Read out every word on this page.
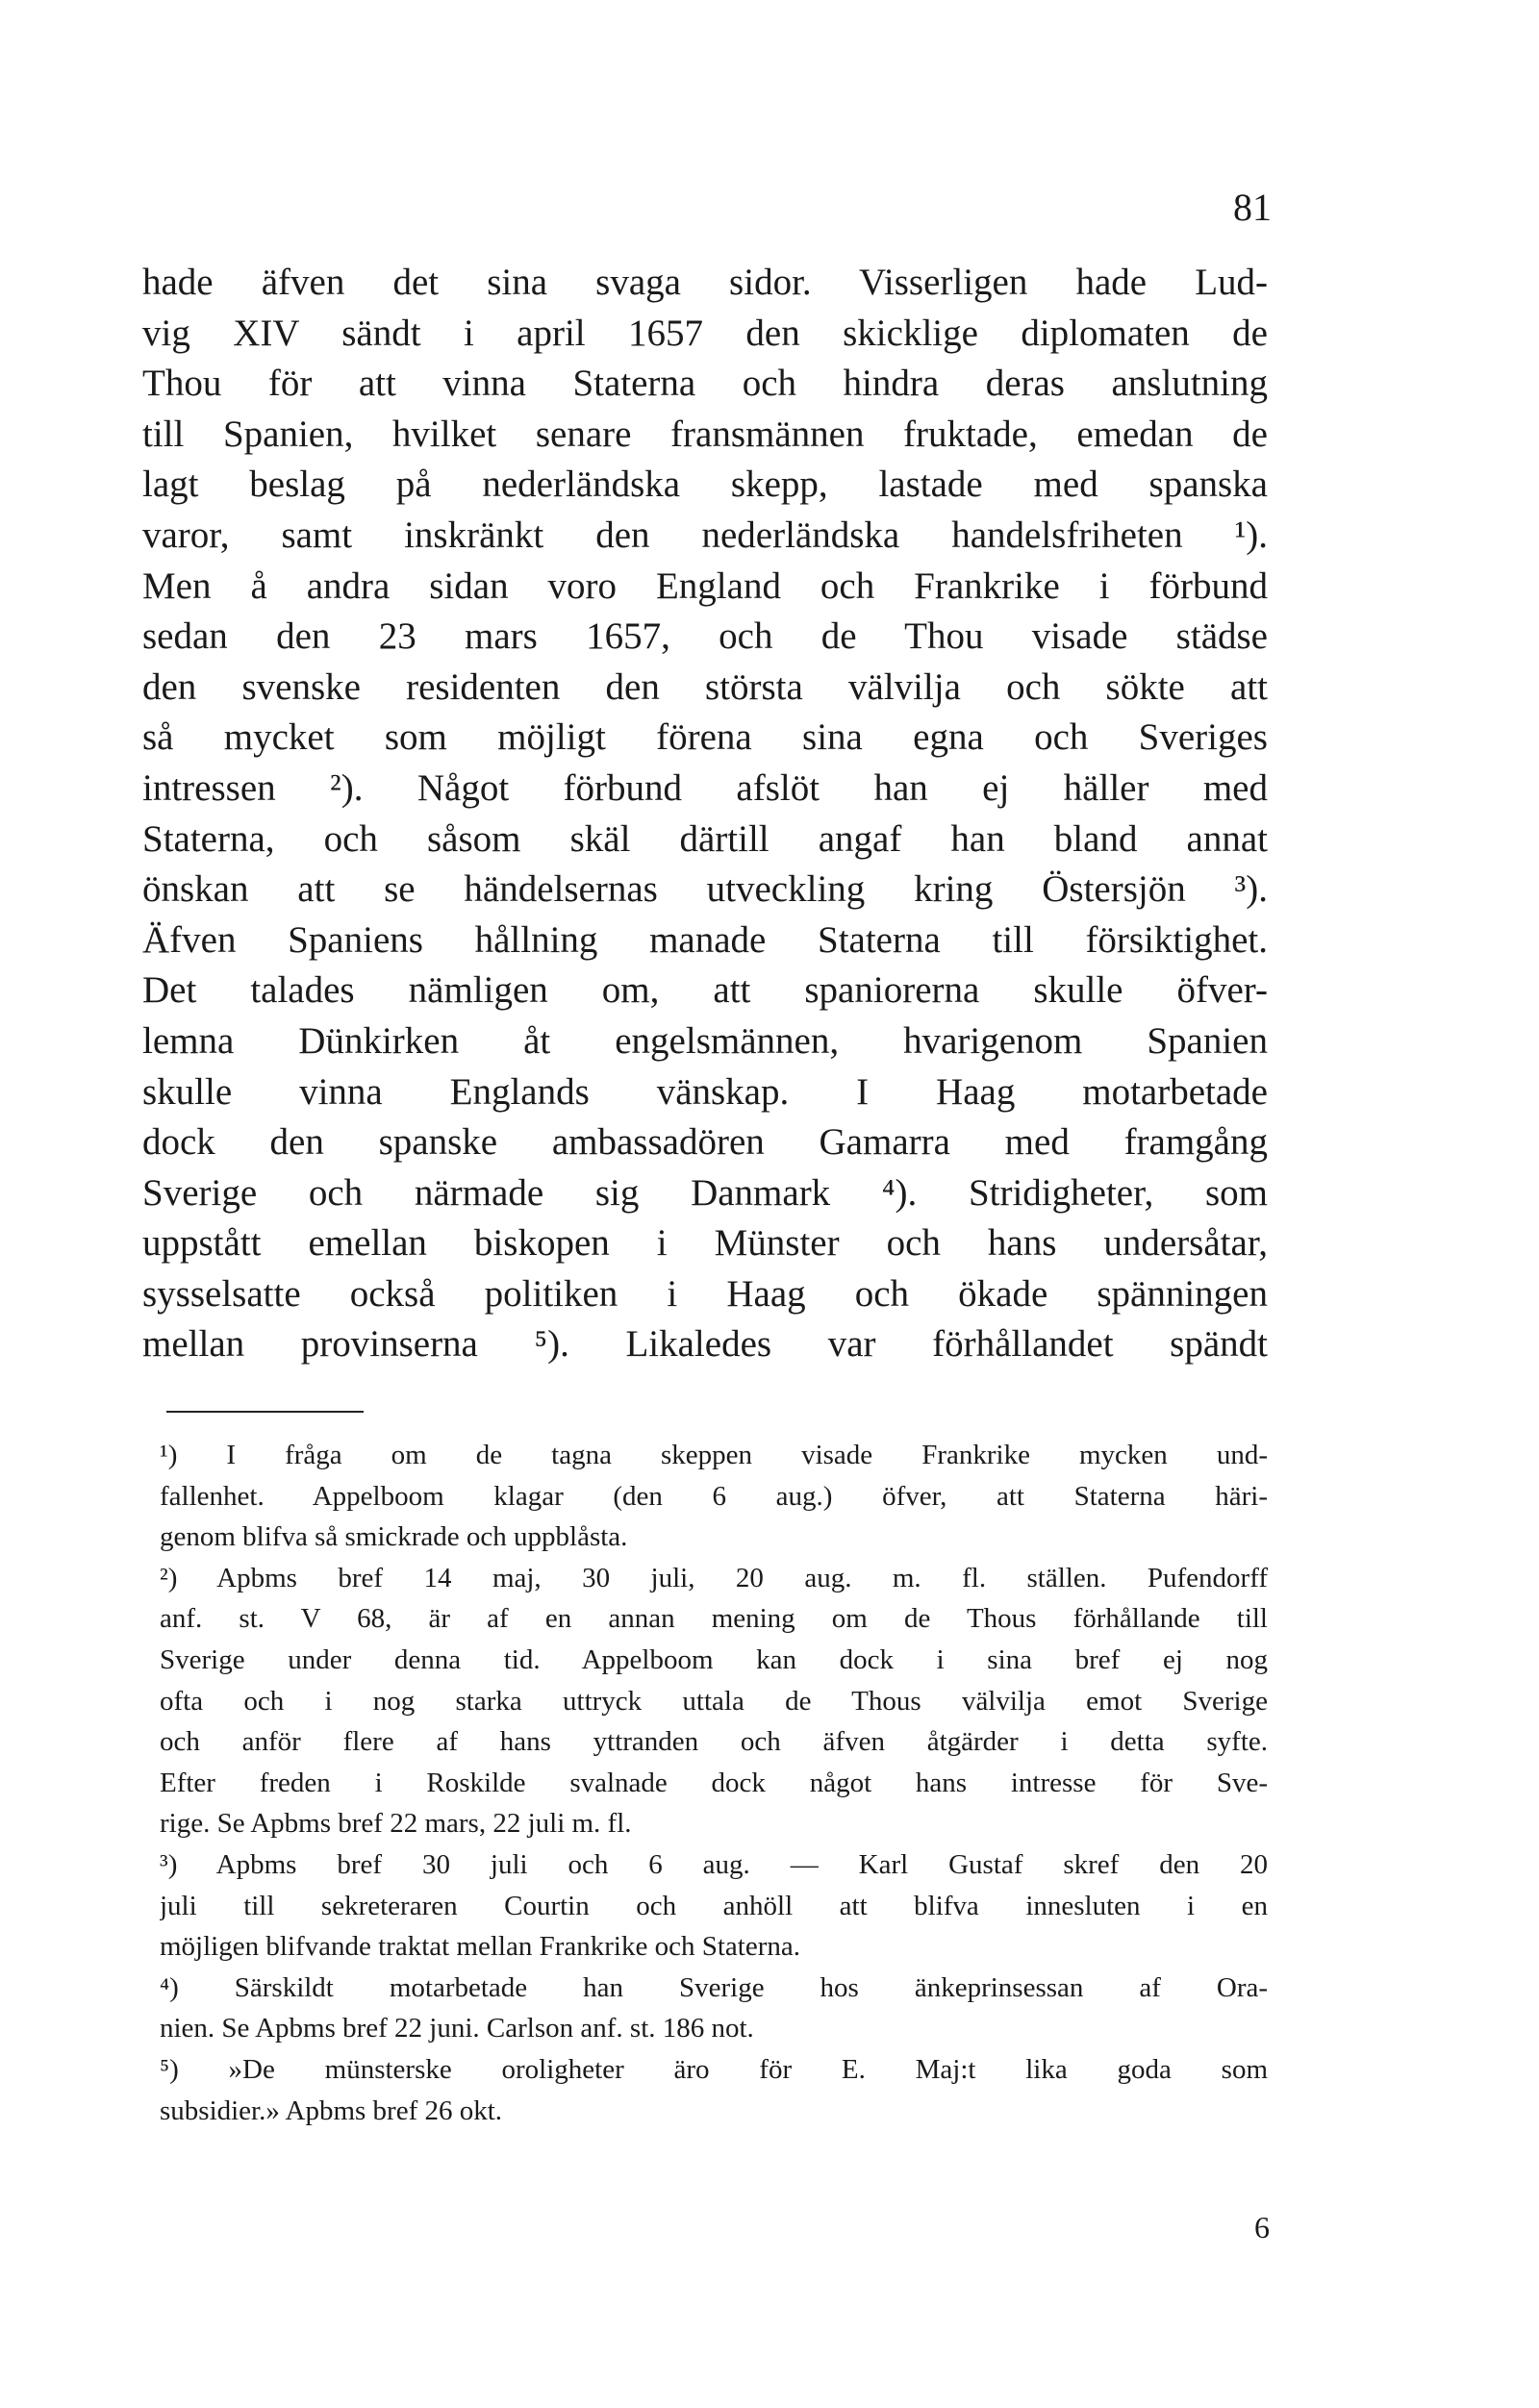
81
hade äfven det sina svaga sidor. Visserligen hade Lud-
vig XIV sändt i april 1657 den skicklige diplomaten de
Thou för att vinna Staterna och hindra deras anslutning
till Spanien, hvilket senare fransmännen fruktade, emedan de
lagt beslag på nederländska skepp, lastade med spanska
varor, samt inskränkt den nederländska handelsfriheten ¹).
Men å andra sidan voro England och Frankrike i förbund
sedan den 23 mars 1657, och de Thou visade städse
den svenske residenten den största välvilja och sökte att
så mycket som möjligt förena sina egna och Sveriges
intressen ²). Något förbund afslöt han ej häller med
Staterna, och såsom skäl därtill angaf han bland annat
önskan att se händelsernas utveckling kring Östersjön ³).
Äfven Spaniens hållning manade Staterna till försiktighet.
Det talades nämligen om, att spaniorerna skulle öfver-
lemna Dünkirken åt engelsmännen, hvarigenom Spanien
skulle vinna Englands vänskap. I Haag motarbetade
dock den spanske ambassadören Gamarra med framgång
Sverige och närmade sig Danmark ⁴). Stridigheter, som
uppstått emellan biskopen i Münster och hans undersåtar,
sysselsatte också politiken i Haag och ökade spänningen
mellan provinserna ⁵). Likaledes var förhållandet spändt
¹) I fråga om de tagna skeppen visade Frankrike mycken und-
fallenhet. Appelboom klagar (den 6 aug.) öfver, att Staterna häri-
genom blifva så smickrade och uppblåsta.
²) Apbms bref 14 maj, 30 juli, 20 aug. m. fl. ställen. Pufendorff
anf. st. V 68, är af en annan mening om de Thous förhållande till
Sverige under denna tid. Appelboom kan dock i sina bref ej nog
ofta och i nog starka uttryck uttala de Thous välvilja emot Sverige
och anför flere af hans yttranden och äfven åtgärder i detta syfte.
Efter freden i Roskilde svalnade dock något hans intresse för Sve-
rige. Se Apbms bref 22 mars, 22 juli m. fl.
³) Apbms bref 30 juli och 6 aug. — Karl Gustaf skref den 20
juli till sekreteraren Courtin och anhöll att blifva innesluten i en
möjligen blifvande traktat mellan Frankrike och Staterna.
⁴) Särskildt motarbetade han Sverige hos änkeprinsessan af Ora-
nien. Se Apbms bref 22 juni. Carlson anf. st. 186 not.
⁵) »De münsterske oroligheter äro för E. Maj:t lika goda som
subsidier.» Apbms bref 26 okt.
6
